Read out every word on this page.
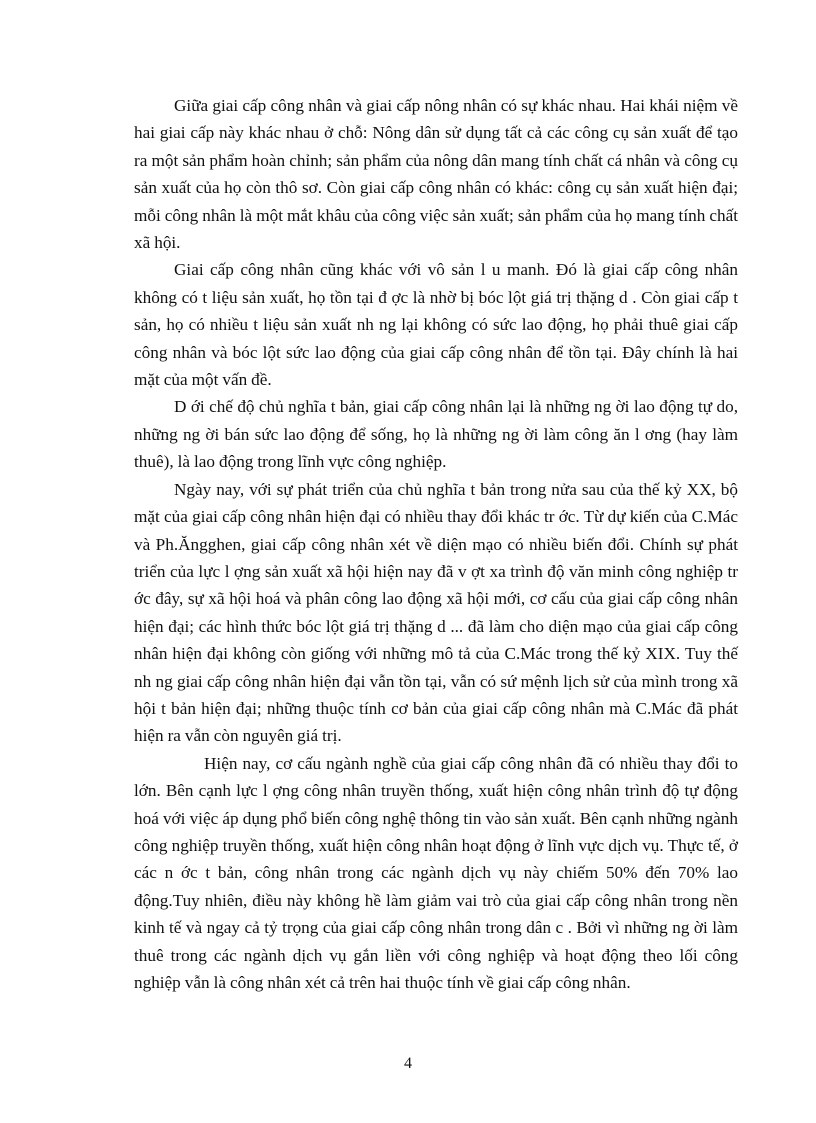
Giữa giai cấp công nhân và giai cấp nông nhân có sự khác nhau. Hai khái niệm về hai giai cấp này khác nhau ở chỗ: Nông dân sử dụng tất cả các công cụ sản xuất để tạo ra một sản phẩm hoàn chỉnh; sản phẩm của nông dân mang tính chất cá nhân và công cụ sản xuất của họ còn thô sơ. Còn giai cấp công nhân có khác: công cụ sản xuất hiện đại; mỗi công nhân là một mắt khâu của công việc sản xuất; sản phẩm của họ mang tính chất xã hội.

Giai cấp công nhân cũng khác với vô sản l u manh. Đó là giai cấp công nhân không có t liệu sản xuất, họ tồn tại đ ợc là nhờ bị bóc lột giá trị thặng d . Còn giai cấp t sản, họ có nhiều t liệu sản xuất nh ng lại không có sức lao động, họ phải thuê giai cấp công nhân và bóc lột sức lao động của giai cấp công nhân để tồn tại. Đây chính là hai mặt của một vấn đề.

D ới chế độ chủ nghĩa t bản, giai cấp công nhân lại là những ng ời lao động tự do, những ng ời bán sức lao động để sống, họ là những ng ời làm công ăn l ơng (hay làm thuê), là lao động trong lĩnh vực công nghiệp.

Ngày nay, với sự phát triển của chủ nghĩa t bản trong nửa sau của thế kỷ XX, bộ mặt của giai cấp công nhân hiện đại có nhiều thay đổi khác tr ớc. Từ dự kiến của C.Mác và Ph.Ăngghen, giai cấp công nhân xét về diện mạo có nhiều biến đổi. Chính sự phát triển của lực l ợng sản xuất xã hội hiện nay đã v ợt xa trình độ văn minh công nghiệp tr ớc đây, sự xã hội hoá và phân công lao động xã hội mới, cơ cấu của giai cấp công nhân hiện đại; các hình thức bóc lột giá trị thặng d ... đã làm cho diện mạo của giai cấp công nhân hiện đại không còn giống với những mô tả của C.Mác trong thế kỷ XIX. Tuy thế nh ng giai cấp công nhân hiện đại vẫn tồn tại, vẫn có sứ mệnh lịch sử của mình trong xã hội t bản hiện đại; những thuộc tính cơ bản của giai cấp công nhân mà C.Mác đã phát hiện ra vẫn còn nguyên giá trị.

Hiện nay, cơ cấu ngành nghề của giai cấp công nhân đã có nhiều thay đổi to lớn. Bên cạnh lực l ợng công nhân truyền thống, xuất hiện công nhân trình độ tự động hoá với việc áp dụng phổ biến công nghệ thông tin vào sản xuất. Bên cạnh những ngành công nghiệp truyền thống, xuất hiện công nhân hoạt động ở lĩnh vực dịch vụ. Thực tế, ở các n ớc t bản, công nhân trong các ngành dịch vụ này chiếm 50% đến 70% lao động.Tuy nhiên, điều này không hề làm giảm vai trò của giai cấp công nhân trong nền kinh tế và ngay cả tỷ trọng của giai cấp công nhân trong dân c . Bởi vì những ng ời làm thuê trong các ngành dịch vụ gắn liền với công nghiệp và hoạt động theo lối công nghiệp vẫn là công nhân xét cả trên hai thuộc tính về giai cấp công nhân.

4
